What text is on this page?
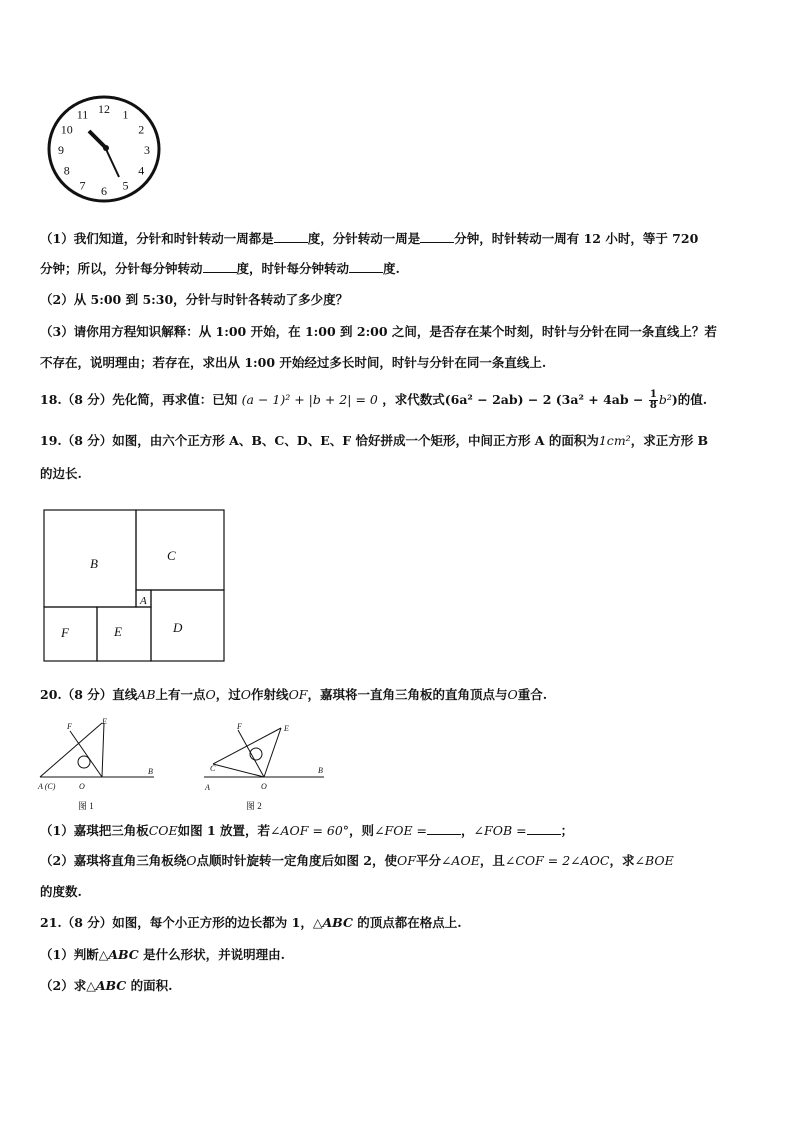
12 1
2
3
4
5
6
7
8
9
10
11
（1）我们知道，分针和时针转动一周都是	度，分针转动一周是	分钟，时针转动一周有 12 小时，等于 720
分钟；所以，分针每分钟转动	度，时针每分钟转动	度.
（2）从 5:00 到 5:30，分针与时针各转动了多少度？
（3）请你用方程知识解释：从 1:00 开始，在 1:00 到 2:00 之间，是否存在某个时刻，时针与分针在同一条直线上？若
不存在，说明理由；若存在，求出从 1:00 开始经过多长时间，时针与分针在同一条直线上.
18.（8 分）先化简，再求值：已知 (a − 1)² + |b + 2| = 0 ，求代数式(6a² − 2ab) − 2 $(3a^2 + 4ab - \frac{1}{8} b^2)$的值.
19.（8 分）如图，由六个正方形 A、B、C、D、E、F 恰好拼成一个矩形，中间正方形 A 的面积为1cm²，求正方形 B
的边长.
B
C
A
D
E
F
20.（8 分）直线AB上有一点O，过O作射线OF，嘉琪将一直角三角板的直角顶点与O重合.
F
E
A (C)	O
B
图 1
F	E
C
A	O
B
图 2
（1）嘉琪把三角板COE如图 1 放置，若∠AOF = 60°，则∠FOE =	，∠FOB =	；
（2）嘉琪将直角三角板绕O点顺时针旋转一定角度后如图 2，使OF平分∠AOE，且∠COF = 2∠AOC，求∠BOE
的度数.
21.（8 分）如图，每个小正方形的边长都为 1，△ABC 的顶点都在格点上.
（1）判断△ABC 是什么形状，并说明理由.
（2）求△ABC 的面积.
